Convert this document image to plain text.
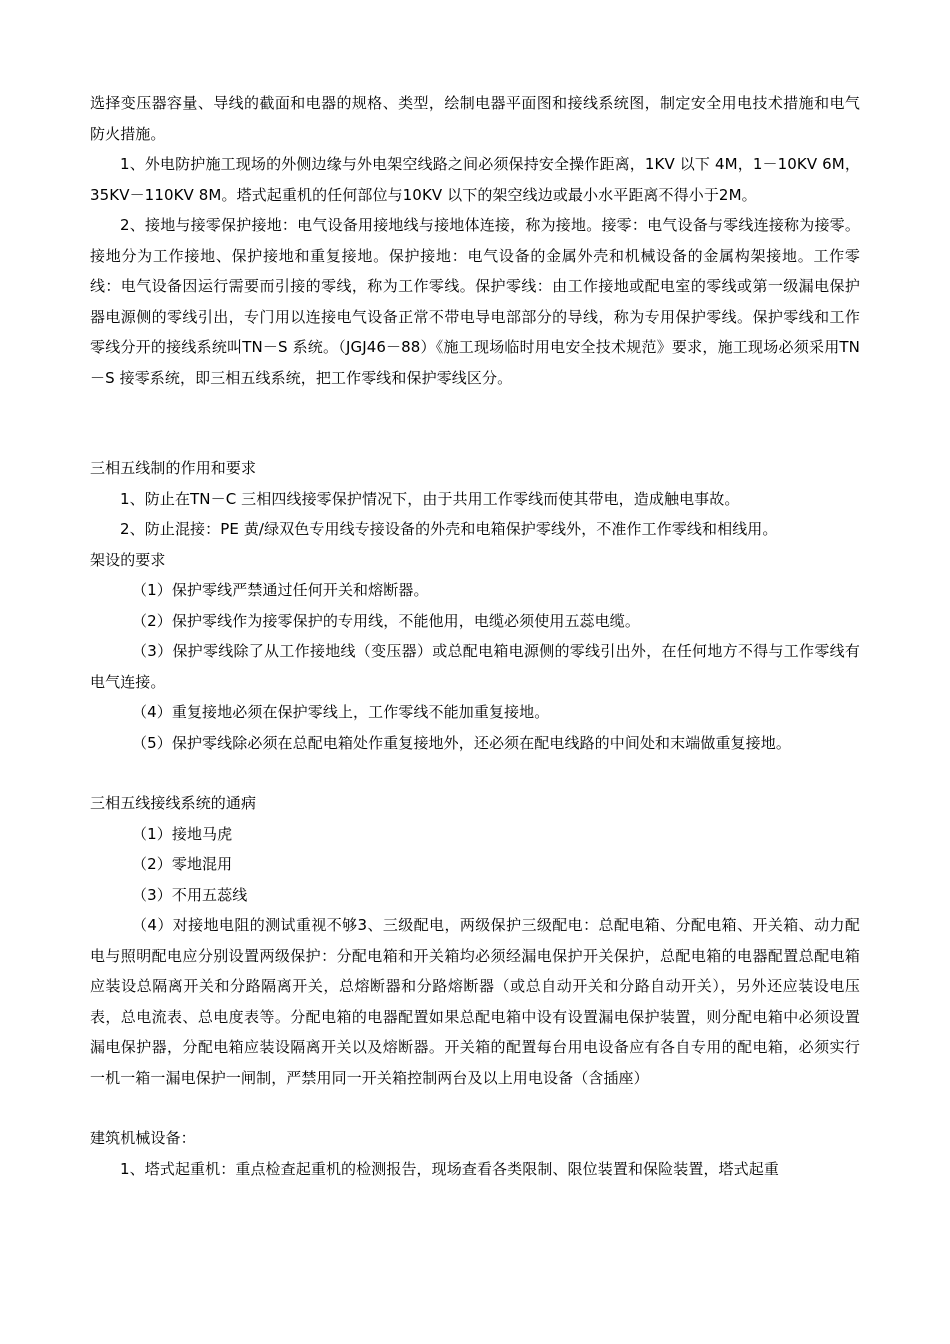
选择变压器容量、导线的截面和电器的规格、类型，绘制电器平面图和接线系统图，制定安全用电技术措施和电气防火措施。

1、外电防护施工现场的外侧边缘与外电架空线路之间必须保持安全操作距离，1KV 以下 4M，1－10KV 6M，35KV－110KV 8M。塔式起重机的任何部位与10KV 以下的架空线边或最小水平距离不得小于2M。

2、接地与接零保护接地：电气设备用接地线与接地体连接，称为接地。接零：电气设备与零线连接称为接零。接地分为工作接地、保护接地和重复接地。保护接地：电气设备的金属外壳和机械设备的金属构架接地。工作零线：电气设备因运行需要而引接的零线，称为工作零线。保护零线：由工作接地或配电室的零线或第一级漏电保护器电源侧的零线引出，专门用以连接电气设备正常不带电导电部部分的导线，称为专用保护零线。保护零线和工作零线分开的接线系统叫TN－S 系统。（JGJ46－88）《施工现场临时用电安全技术规范》要求，施工现场必须采用TN－S 接零系统，即三相五线系统，把工作零线和保护零线区分。

三相五线制的作用和要求

1、防止在TN－C 三相四线接零保护情况下，由于共用工作零线而使其带电，造成触电事故。

2、防止混接：PE 黄/绿双色专用线专接设备的外壳和电箱保护零线外，不准作工作零线和相线用。

架设的要求

（1）保护零线严禁通过任何开关和熔断器。

（2）保护零线作为接零保护的专用线，不能他用，电缆必须使用五蕊电缆。

（3）保护零线除了从工作接地线（变压器）或总配电箱电源侧的零线引出外，在任何地方不得与工作零线有电气连接。

（4）重复接地必须在保护零线上，工作零线不能加重复接地。

（5）保护零线除必须在总配电箱处作重复接地外，还必须在配电线路的中间处和末端做重复接地。

三相五线接线系统的通病

（1）接地马虎

（2）零地混用

（3）不用五蕊线

（4）对接地电阻的测试重视不够3、三级配电，两级保护三级配电：总配电箱、分配电箱、开关箱、动力配电与照明配电应分别设置两级保护：分配电箱和开关箱均必须经漏电保护开关保护，总配电箱的电器配置总配电箱应装设总隔离开关和分路隔离开关，总熔断器和分路熔断器（或总自动开关和分路自动开关），另外还应装设电压表，总电流表、总电度表等。分配电箱的电器配置如果总配电箱中设有设置漏电保护装置，则分配电箱中必须设置漏电保护器，分配电箱应装设隔离开关以及熔断器。开关箱的配置每台用电设备应有各自专用的配电箱，必须实行一机一箱一漏电保护一闸制，严禁用同一开关箱控制两台及以上用电设备（含插座）

建筑机械设备：

1、塔式起重机：重点检查起重机的检测报告，现场查看各类限制、限位装置和保险装置，塔式起重
